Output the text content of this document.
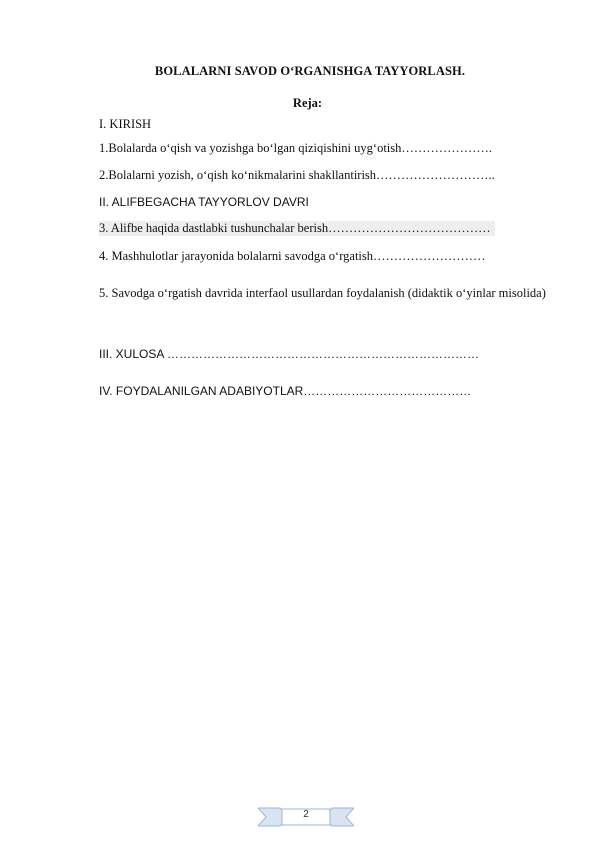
BOLALARNI SAVOD O‘RGANISHGA TAYYORLASH.
Reja:
I. KIRISH
1.Bolalarda o‘qish va yozishga bo‘lgan qiziqishini uyg‘otish………………….
2.Bolalarni yozish, o‘qish ko‘nikmalarini shakllantirish………………………..
II. ALIFBEGACHA TAYYORLOV DAVRI
3. Alifbe haqida dastlabki tushunchalar berish…………………………………
4. Mashhulotlar jarayonida bolalarni savodga o‘rgatish………………………
5. Savodga o‘rgatish davrida interfaol usullardan foydalanish (didaktik o‘yinlar misolida)
III. XULOSA ……………………………………………………………………
IV. FOYDALANILGAN ADABIYOTLAR……………………………………
2
